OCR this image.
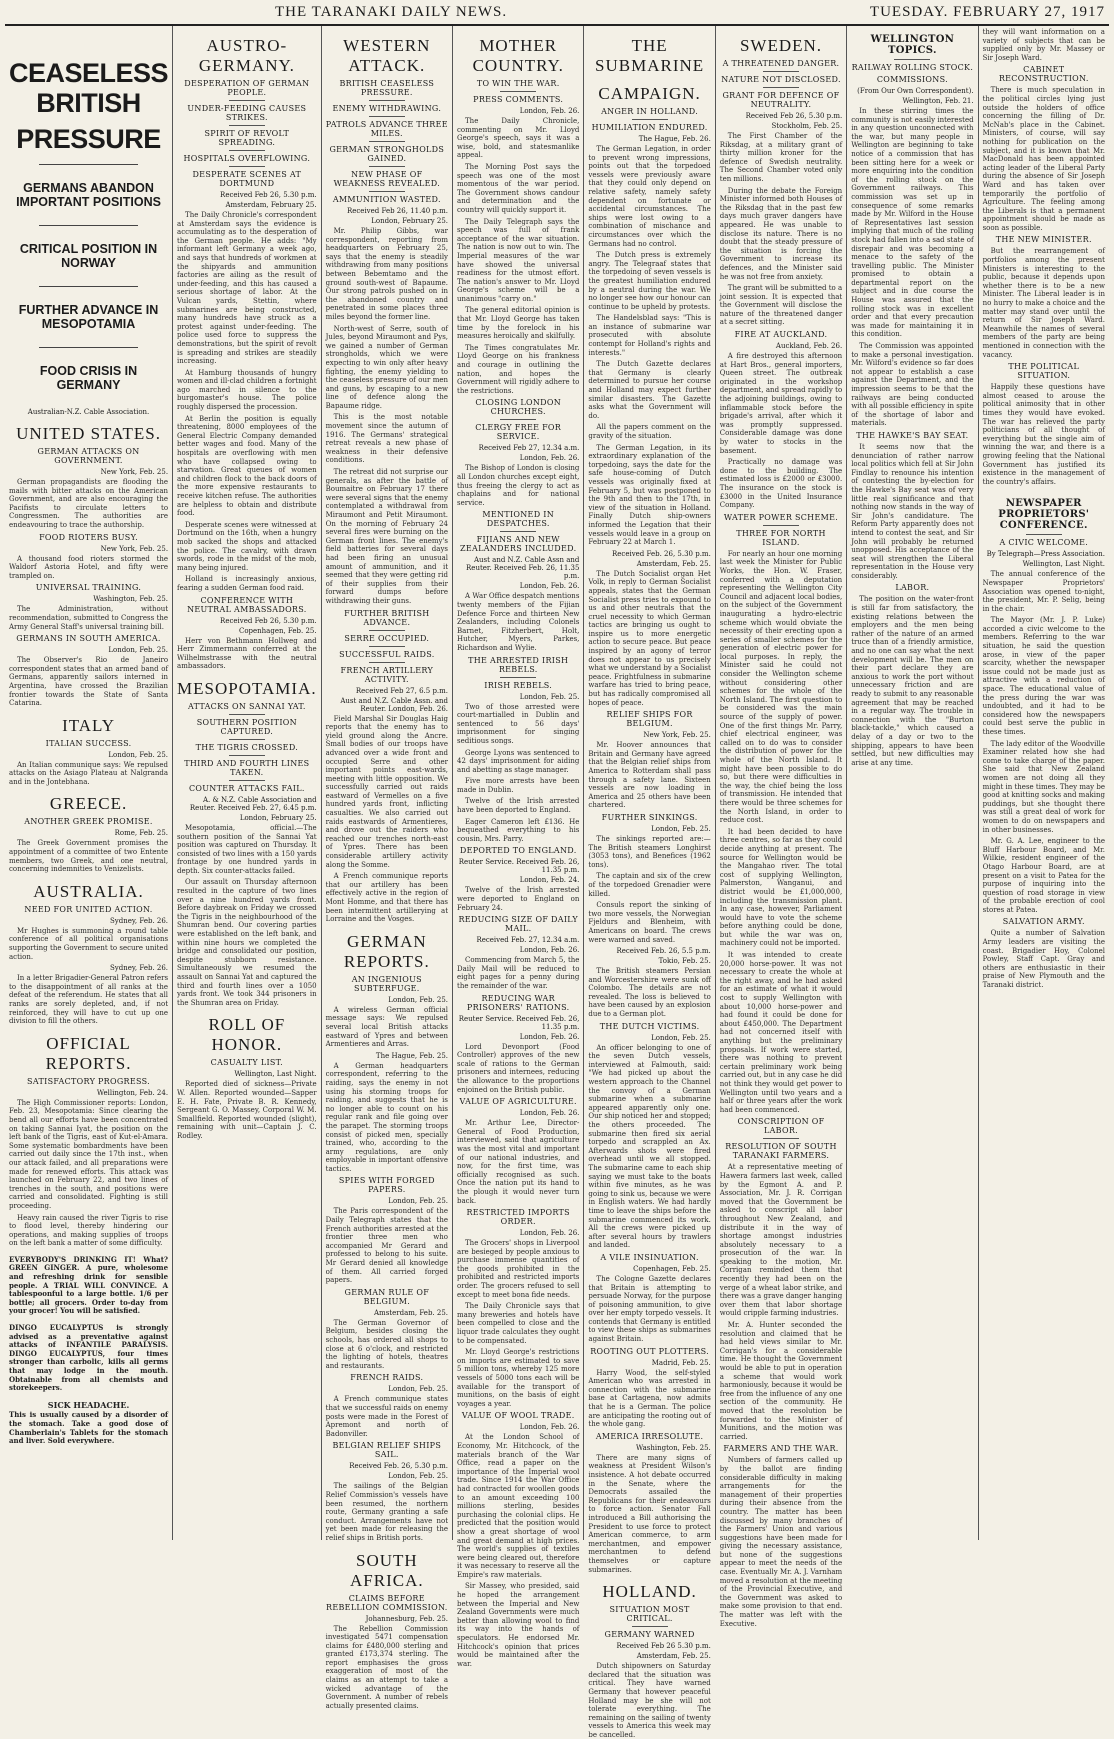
THE TARANAKI DAILY NEWS.	TUESDAY. FEBRUARY 27, 1917
CEASELESS BRITISH
PRESSURE
GERMANS ABANDON IMPORTANT POSITIONS
CRITICAL POSITION IN NORWAY
FURTHER ADVANCE IN MESOPOTAMIA
FOOD CRISIS IN GERMANY
Australian-N.Z. Cable Association.
UNITED STATES.
GERMAN ATTACKS ON GOVERNMENT.
New York, Feb. 25.

German propagandists are flooding the mails with bitter attacks on the American Government, and are also encouraging the Pacifists to circulate letters to Congressmen. The authorities are endeavouring to trace the authorship.

FOOD RIOTERS BUSY.
New York, Feb. 25.

A thousand food rioters stormed the Waldorf Astoria Hotel, and fifty were trampled on.

UNIVERSAL TRAINING.
Washington, Feb. 25.

The Administration, without recommendation, submitted to Congress the Army General Staff's universal training bill.

GERMANS IN SOUTH AMERICA.
London, Feb. 25.

The Observer's Rio de Janeiro correspondent states that an armed band of Germans, apparently sailors interned in Argentina, have crossed the Brazilian frontier towards the State of Santa Catarina.

ITALY
ITALIAN SUCCESS.
London, Feb. 25.

An Italian communique says: We repulsed attacks on the Asiago Plateau at Nalgranda and in the Jontebhana.

GREECE.
ANOTHER GREEK PROMISE.
Rome, Feb. 25.

The Greek Government promises the appointment of a committee of two Entente members, two Greek, and one neutral, concerning indemnities to Venizelists.

AUSTRALIA.
NEED FOR UNITED ACTION.
Sydney, Feb. 26.

Mr Hughes is summoning a round table conference of all political organisations supporting the Government to secure united action.

Sydney, Feb. 26.

In a letter Brigadier-General Patron refers to the disappointment of all ranks at the defeat of the referendum. He states that all ranks are sorely depleted, and, if not reinforced, they will have to cut up one division to fill the others.

OFFICIAL REPORTS.
SATISFACTORY PROGRESS.
Wellington, Feb. 24.

The High Commissioner reports: London, Feb. 23, Mesopotamia: Since clearing the bend all our efforts have been concentrated on taking Sannai Iyat, the position on the left bank of the Tigris, east of Kut-el-Amara. Some systematic bombardments have been carried out daily since the 17th inst., when our attack failed, and all preparations were made for renewed efforts. This attack was launched on February 22, and two lines of trenches in the south, and positions were carried and consolidated. Fighting is still proceeding.

Heavy rain caused the river Tigris to rise to flood level, thereby hindering our operations, and making supplies of troops on the left bank a matter of some difficulty.

EVERYBODY'S DRINKING IT! What? GREEN GINGER. A pure, wholesome and refreshing drink for sensible people. A TRIAL WILL CONVINCE. A tablespoonful to a large bottle. 1/6 per bottle; all grocers. Order to-day from your grocer! You will be satisfied.

DINGO EUCALYPTUS is strongly advised as a preventative against attacks of INFANTILE PARALYSIS. DINGO EUCALYPTUS, four times stronger than carbolic, kills all germs that may lodge in the mouth. Obtainable from all chemists and storekeepers.

SICK HEADACHE.
This is usually caused by a disorder of the stomach. Take a good dose of Chamberlain's Tablets for the stomach and liver. Sold everywhere.

AUSTRO-GERMANY.
DESPERATION OF GERMAN PEOPLE.
UNDER-FEEDING CAUSES STRIKES.
SPIRIT OF REVOLT SPREADING.
HOSPITALS OVERFLOWING.
DESPERATE SCENES AT DORTMUND
Received Feb 26, 5.30 p.m.
Amsterdam, February 25.

The Daily Chronicle's correspondent at Amsterdam says the evidence is accumulating as to the desperation of the German people. He adds: "My informant left Germany a week ago, and says that hundreds of workmen at the shipyards and ammunition factories are ailing as the result of under-feeding, and this has caused a serious shortage of labor. At the Vulcan yards, Stettin, where submarines are being constructed, many hundreds have struck as a protest against under-feeding. The police used force to suppress the demonstrations, but the spirit of revolt is spreading and strikes are steadily increasing.

At Hamburg thousands of hungry women and ill-clad children a fortnight ago marched in silence to the burgomaster's house. The police roughly dispersed the procession.

At Berlin the position is equally threatening, 8000 employees of the General Electric Company demanded better wages and food. Many of the hospitals are overflowing with men who have collapsed owing to starvation. Great queues of women and children flock to the back doors of the more expensive restaurants to receive kitchen refuse. The authorities are helpless to obtain and distribute food.

Desperate scenes were witnessed at Dortmund on the 16th, when a hungry mob sacked the shops and attacked the police. The cavalry, with drawn swords, rode in the midst of the mob, many being injured.

Holland is increasingly anxious, fearing a sudden German food raid.

CONFERENCE WITH NEUTRAL AMBASSADORS.
Received Feb 26, 5.30 p.m.
Copenhagen, Feb. 25.

Herr von Bethmann Hollweg and Herr Zimmermann conferred at the Wilhelmstrasse with the neutral ambassadors.

MESOPOTAMIA.
ATTACKS ON SANNAI YAT.
SOUTHERN POSITION CAPTURED.
THE TIGRIS CROSSED.
THIRD AND FOURTH LINES TAKEN.
COUNTER ATTACKS FAIL.
A. & N.Z. Cable Association and Reuter. Received Feb. 27, 6.45 p.m.
London, February 25.

Mesopotamia, official.—The southern position of the Sannai Yat position was captured on Thursday. It consisted of two lines with a 150 yards frontage by one hundred yards in depth. Six counter-attacks failed.

Our assault on Thursday afternoon resulted in the capture of two lines over a nine hundred yards front. Before daybreak on Friday we crossed the Tigris in the neighbourhood of the Shumran bend. Our covering parties were established on the left bank, and within nine hours we completed the bridge and consolidated our position, despite stubborn resistance. Simultaneously we resumed the assault on Sannai Yat and captured the third and fourth lines over a 1050 yards front. We took 344 prisoners in the Shumran area on Friday.

ROLL OF HONOR.
CASUALTY LIST.
Wellington, Last Night.

Reported died of sickness—Private W. Allen. Reported wounded—Sapper E. H. Fate, Private B. R. Kennedy, Sergeant G. O. Massey, Corporal W. M. Smallfield. Reported wounded (slight), remaining with unit—Captain J. C. Rodley.

WESTERN ATTACK.
BRITISH CEASELESS PRESSURE.
ENEMY WITHDRAWING.
PATROLS ADVANCE THREE MILES.
GERMAN STRONGHOLDS GAINED.
NEW PHASE OF WEAKNESS REVEALED.
AMMUNITION WASTED.
Received Feb 26, 11.40 p.m.
London, February 25.

Mr. Philip Gibbs, war correspondent, reporting from headquarters on February 25, says that the enemy is steadily withdrawing from many positions between Bebemtamo and the ground south-west of Bapaume. Our strong patrols pushed on in the abandoned country and penetrated in some places three miles beyond the former line.

North-west of Serre, south of Jules, beyond Miraumont and Pys, we gained a number of German strongholds, which we were expecting to win only after heavy fighting, the enemy yielding to the ceaseless pressure of our men and guns, by escaping to a new line of defence along the Bapaume ridge.

This is the most notable movement since the autumn of 1916. The Germans' strategical retreat reveals a new phase of weakness in their defensive conditions.

The retreat did not surprise our generals, as after the battle of Boumaitre on February 17 there were several signs that the enemy contemplated a withdrawal from Miraumont and Petit Miraumont. On the morning of February 24 several fires were burning on the German front lines. The enemy's field batteries for several days had been firing an unusual amount of ammunition, and it seemed that they were getting rid of their supplies from their forward dumps before withdrawing their guns.

FURTHER BRITISH ADVANCE.
SERRE OCCUPIED.
SUCCESSFUL RAIDS.
FRENCH ARTILLERY ACTIVITY.
Received Feb 27, 6.5 p.m.
Aust and N.Z. Cable Assn. and Reuter. London, Feb. 26.

Field Marshal Sir Douglas Haig reports that the enemy has to yield ground along the Ancre. Small bodies of our troops have advanced over a wide front and occupied Serre and other important points east-wards, meeting with little opposition. We successfully carried out raids eastward of Vermelles on a five hundred yards front, inflicting casualties. We also carried out raids eastwards of Armentieres, and drove out the raiders who reached our trenches north-east of Ypres. There has been considerable artillery activity along the Somme.

A French communique reports that our artillery has been effectively active in the region of Mont Homme, and that there has been intermittent artillerying at Lorraine and the Vosges.

GERMAN REPORTS.
AN INGENIOUS SUBTERFUGE.
London, Feb. 25.

A wireless German official message says: We repulsed several local British attacks eastward of Ypres and between Armentieres and Arras.

The Hague, Feb. 25.

A German headquarters correspondent, referring to the raiding, says the enemy in not using his storming troops for raiding, and suggests that he is no longer able to count on his regular rank and file going over the parapet. The storming troops consist of picked men, specially trained, who, according to the army regulations, are only employable in important offensive tactics.

SPIES WITH FORGED PAPERS.
London, Feb. 25.

The Paris correspondent of the Daily Telegraph states that the French authorities arrested at the frontier three men who accompanied Mr Gerard and professed to belong to his suite. Mr Gerard denied all knowledge of them. All carried forged papers.

GERMAN RULE OF BELGIUM.
Amsterdam, Feb. 25.

The German Governor of Belgium, besides closing the schools, has ordered all shops to close at 6 o'clock, and restricted the lighting of hotels, theatres and restaurants.

FRENCH RAIDS.
London, Feb. 25.

A French communique states that we successful raids on enemy posts were made in the Forest of Apremont and north of Badonviller.

BELGIAN RELIEF SHIPS SAIL.
Received Feb. 26, 5.30 p.m.
London, Feb. 25.

The sailings of the Belgian Relief Commission's vessels have been resumed, the northern route, Germany granting a safe conduct. Arrangements have not yet been made for releasing the relief ships in British ports.

SOUTH AFRICA.
CLAIMS BEFORE REBELLION COMMISSION.
Johannesburg, Feb. 25.

The Rebellion Commission investigated 5471 compensation claims for £480,000 sterling and granted £173,374 sterling. The report emphasises the gross exaggeration of most of the claims as an attempt to take a wicked advantage of the Government. A number of rebels actually presented claims.

MOTHER COUNTRY.
TO WIN THE WAR.
PRESS COMMENTS.
London, Feb. 26.

The Daily Chronicle, commenting on Mr. Lloyd George's speech, says it was a wise, bold, and statesmanlike appeal.

The Morning Post says the speech was one of the most momentous of the war period. The Government shows candour and determination and the country will quickly support it.

The Daily Telegraph says the speech was full of frank acceptance of the war situation. The nation is now out to win. The Imperial measures of the war have showed the universal readiness for the utmost effort. The nation's answer to Mr. Lloyd George's scheme will be a unanimous "carry on."

The general editorial opinion is that Mr. Lloyd George has taken time by the forelock in his measures heroically and skilfully.

The Times congratulates Mr. Lloyd George on his frankness and courage in outlining the nation, and hopes the Government will rigidly adhere to the restrictions.

CLOSING LONDON CHURCHES.
CLERGY FREE FOR SERVICE.
Received Feb 27, 12.34 a.m.
London, Feb. 26.

The Bishop of London is closing all London churches except eight, thus freeing the clergy to act as chaplains and for national service.

MENTIONED IN DESPATCHES.
FIJIANS AND NEW ZEALANDERS INCLUDED.
Aust and N.Z. Cable Assn and Reuter. Received Feb. 26, 11.35 p.m.
London, Feb. 26.

A War Office despatch mentions twenty members of the Fijian Defence Force and thirteen New Zealanders, including Colonels Barnet, Fitzherbert, Holt, Hutcher, Myers, Parkes, Richardson and Wylie.

THE ARRESTED IRISH REBELS.
IRISH REBELS.
London, Feb. 25.

Two of those arrested were court-martialled in Dublin and sentenced to 56 days' imprisonment for singing seditious songs.

George Lyons was sentenced to 42 days' imprisonment for aiding and abetting as stage manager.

Five more arrests have been made in Dublin.

Twelve of the Irish arrested have been deported to England.

Eager Cameron left £136. He bequeathed everything to his cousin, Mrs. Parry.

DEPORTED TO ENGLAND.
Reuter Service. Received Feb. 26, 11.35 p.m.
London, Feb. 24.

Twelve of the Irish arrested were deported to England on February 24.

REDUCING SIZE OF DAILY MAIL.
Received Feb. 27, 12.34 a.m.
London, Feb. 26.

Commencing from March 5, the Daily Mail will be reduced to eight pages for a penny during the remainder of the war.

REDUCING WAR PRISONERS' RATIONS.
Reuter Service. Received Feb. 26, 11.35 p.m.
London, Feb. 26.

Lord Devonport (Food Controller) approves of the new scale of rations to the German prisoners and internees, reducing the allowance to the proportions enjoined on the British public.

VALUE OF AGRICULTURE.
London, Feb. 26.

Mr. Arthur Lee, Director-General of Food Production, interviewed, said that agriculture was the most vital and important of our national industries, and now, for the first time, was officially recognised as such. Once the nation put its hand to the plough it would never turn back.

RESTRICTED IMPORTS ORDER.
London, Feb. 26.

The Grocers' shops in Liverpool are besieged by people anxious to purchase immense quantities of the goods prohibited in the prohibited and restricted imports order. The grocers refused to sell except to meet bona fide needs.

The Daily Chronicle says that many breweries and hotels have been compelled to close and the liquor trade calculates they ought to be compensated.

Mr. Lloyd George's restrictions on imports are estimated to save 5 million tons, whereby 125 more vessels of 5000 tons each will be available for the transport of munitions, on the basis of eight voyages a year.

VALUE OF WOOL TRADE.
London, Feb. 26.

At the London School of Economy, Mr. Hitchcock, of the materials branch of the War Office, read a paper on the importance of the Imperial wool trade. Since 1914 the War Office had contracted for woollen goods to an amount exceeding 100 millions sterling, besides purchasing the colonial clips. He predicted that the position would show a great shortage of wool and great demand at high prices. The world's supplies of textiles were being cleared out, therefore it was necessary to reserve all the Empire's raw materials.

Sir Massey, who presided, said he hoped the arrangement between the Imperial and New Zealand Governments were much better than allowing wool to find its way into the hands of speculators. He endorsed Mr. Hitchcock's opinion that prices would be maintained after the war.

THE SUBMARINE
CAMPAIGN.
ANGER IN HOLLAND.
HUMILIATION ENDURED.
The Hague, Feb. 26.

The German Legation, in order to prevent wrong impressions, points out that the torpedoed vessels were previously aware that they could only depend on relative safety, namely safety dependent on fortunate or accidental circumstances. The ships were lost owing to a combination of mischance and circumstances over which the Germans had no control.

The Dutch press is extremely angry. The Telegraaf states that the torpedoing of seven vessels is the greatest humiliation endured by a neutral during the war. We no longer see how our honour can continue to be upheld by protests.

The Handelsblad says: "This is an instance of submarine war prosecuted with absolute contempt for Holland's rights and interests."

The Dutch Gazette declares that Germany is clearly determined to pursue her course and Holland may expect further similar disasters. The Gazette asks what the Government will do.

All the papers comment on the gravity of the situation.

The German Legation, in its extraordinary explanation of the torpedoing, says the date for the safe house-coming of Dutch vessels was originally fixed at February 5, but was postponed to the 9th and then to the 17th, in view of the situation in Holland. Finally Dutch ship-owners informed the Legation that their vessels would leave in a group on February 22 at March 1.

Received Feb. 26, 5.30 p.m.
Amsterdam, Feb. 25.

The Dutch Socialist organ Het Volk, in reply to German Socialist appeals, states that the German Socialist press tries to expound to us and other neutrals that the cruel necessity to which German tactics are bringing us ought to inspire us to more energetic action to secure peace. But peace inspired by an agony of terror does not appear to us precisely what we understand by a Socialist peace. Frightfulness in submarine warfare has tried to bring peace, but has radically compromised all hopes of peace.

RELIEF SHIPS FOR BELGIUM.
New York, Feb. 25.

Mr. Hoover announces that Britain and Germany have agreed that the Belgian relief ships from America to Rotterdam shall pass through a safety lane. Sixteen vessels are now loading in America and 25 others have been chartered.

FURTHER SINKINGS.
London, Feb. 25.

The sinkings reported are:—The British steamers Longhirst (3053 tons), and Benefices (1962 tons).

The captain and six of the crew of the torpedoed Grenadier were killed.

Consuls report the sinking of two more vessels, the Norwegian Fjeldurs and Blenheim, with Americans on board. The crews were warned and saved.

Received Feb. 26, 5.5 p.m.
Tokio, Feb. 25.

The British steamers Persian and Worcestershire were sunk off Colombo. The details are not revealed. The loss is believed to have been caused by an explosion due to a German plot.

THE DUTCH VICTIMS.
London, Feb. 25.

An officer belonging to one of the seven Dutch vessels, interviewed at Falmouth, said: "We had picked up about the western approach to the Channel the convoy of a German submarine when a submarine appeared apparently only one. Our ship noticed her and stopped; the others proceeded. The submarine then fired six aerial torpedo and scrappled an Ax. Afterwards shots were fired overhead until we all stopped. The submarine came to each ship saying we must take to the boats within five minutes, as he was going to sink us, because we were in English waters. We had hardly time to leave the ships before the submarine commenced its work. All the crews were picked up after several hours by trawlers and landed.

A VILE INSINUATION.
Copenhagen, Feb. 25.

The Cologne Gazette declares that Britain is attempting to persuade Norway, for the purpose of poisoning ammunition, to give over her empty torpedo vessels. It contends that Germany is entitled to view these ships as submarines against Britain.

ROOTING OUT PLOTTERS.
Madrid, Feb. 25.

Harry Wood, the self-styled American who was arrested in connection with the submarine base at Cartagena, now admits that he is a German. The police are anticipating the rooting out of the whole gang.

AMERICA IRRESOLUTE.
Washington, Feb. 25.

There are many signs of weakness at President Wilson's insistence. A hot debate occurred in the Senate, where the Democrats assailed the Republicans for their endeavours to force action. Senator Fall introduced a Bill authorising the President to use force to protect American commerce, to arm merchantmen, and empower merchantmen to defend themselves or capture submarines.

HOLLAND.
SITUATION MOST CRITICAL.
GERMANY WARNED
Received Feb 26 5.30 p.m.
Amsterdam, Feb. 25.

Dutch shipowners on Saturday declared that the situation was critical. They have warned Germany that however peaceful Holland may be she will not tolerate everything. The remaining on the sailing of twenty vessels to America this week may be cancelled.

SWEDEN.
A THREATENED DANGER.
NATURE NOT DISCLOSED.
GRANT FOR DEFENCE OF NEUTRALITY.
Received Feb 26, 5.30 p.m.
Stockholm, Feb. 25.

The First Chamber of the Riksdag, at a military grant of thirty million kroner for the defence of Swedish neutrality. The Second Chamber voted only ten millions.

During the debate the Foreign Minister informed both Houses of the Riksdag that in the past few days much graver dangers have appeared. He was unable to disclose its nature. There is no doubt that the steady pressure of the situation is forcing the Government to increase its defences, and the Minister said he was not free from anxiety.

The grant will be submitted to a joint session. It is expected that the Government will disclose the nature of the threatened danger at a secret sitting.

FIRE AT AUCKLAND.
Auckland, Feb. 26.

A fire destroyed this afternoon at Hart Bros., general importers, Queen street. The outbreak originated in the workshop department, and spread rapidly to the adjoining buildings, owing to inflammable stock before the brigade's arrival, after which it was promptly suppressed. Considerable damage was done by water to stocks in the basement.

Practically no damage was done to the building. The estimated loss is £2000 or £3000. The insurance on the stock is £3000 in the United Insurance Company.

WATER POWER SCHEME.
THREE FOR NORTH ISLAND.

For nearly an hour one morning last week the Minister for Public Works, the Hon. W. Fraser, conferred with a deputation representing the Wellington City Council and adjacent local bodies, on the subject of the Government inaugurating a hydro-electric scheme which would obviate the necessity of their erecting upon a series of smaller schemes for the generation of electric power for local purposes. In reply, the Minister said he could not consider the Wellington scheme without considering other schemes for the whole of the North Island. The first question to be considered was the main source of the supply of power. One of the first things Mr. Parry, chief electrical engineer, was called on to do was to consider the distribution of power for the whole of the North Island. It might have been possible to do so, but there were difficulties in the way, the chief being the loss of transmission. He intended that there would be three schemes for the North Island, in order to reduce cost.

It had been decided to have three centres, so far as they could decide anything at present. The source for Wellington would be the Mangahao river. The total cost of supplying Wellington, Palmerston, Wanganui, and district would be £1,000,000, including the transmission plant. In any case, however, Parliament would have to vote the scheme before anything could be done, but while the war was on, machinery could not be imported.

It was intended to create 20,000 horse-power. It was not necessary to create the whole at the right away, and he had asked for an estimate of what it would cost to supply Wellington with about 10,000 horse-power and had found it could be done for about £450,000. The Department had not concerned itself with anything but the preliminary proposals. If work were started, there was nothing to prevent certain preliminary work being carried out, but in any case he did not think they would get power to Wellington until two years and a half or three years after the work had been commenced.

CONSCRIPTION OF LABOR.
RESOLUTION OF SOUTH TARANAKI FARMERS.

At a representative meeting of Hawera farmers last week, called by the Egmont A. and P. Association, Mr. J. R. Corrigan moved that the Government be asked to conscript all labor throughout New Zealand, and distribute it in the way of shortage amongst industries absolutely necessary to a prosecution of the war. In speaking to the motion, Mr. Corrigan reminded them that recently they had been on the verge of a wheat labor strike, and there was a grave danger hanging over them that labor shortage would cripple farming industries.

Mr. A. Hunter seconded the resolution and claimed that he had held views similar to Mr. Corrigan's for a considerable time. He thought the Government would be able to put in operation a scheme that would work harmoniously, because it would be free from the influence of any one section of the community. He moved that the resolution be forwarded to the Minister of Munitions, and the motion was carried.

FARMERS AND THE WAR.

Numbers of farmers called up by the ballot are finding considerable difficulty in making arrangements for the management of their properties during their absence from the country. The matter has been discussed by many branches of the Farmers' Union and various suggestions have been made for giving the necessary assistance, but none of the suggestions appear to meet the needs of the case. Eventually Mr. A. J. Varnham moved a resolution at the meeting of the Provincial Executive, and the Government was asked to make some provision to that end. The matter was left with the Executive.

WELLINGTON TOPICS.
RAILWAY ROLLING STOCK.
COMMISSIONS.
(From Our Own Correspondent).
Wellington, Feb. 21.

In these stirring times the community is not easily interested in any question unconnected with the war, but many people in Wellington are beginning to take notice of a commission that has been sitting here for a week or more enquiring into the condition of the rolling stock on the Government railways. This commission was set up in consequence of some remarks made by Mr. Wilford in the House of Representatives last session implying that much of the rolling stock had fallen into a sad state of disrepair and was becoming a menace to the safety of the travelling public. The Minister promised to obtain a departmental report on the subject and in due course the House was assured that the rolling stock was in excellent order and that every precaution was made for maintaining it in this condition.

The Commission was appointed to make a personal investigation. Mr. Wilford's evidence so far does not appear to establish a case against the Department, and the impression seems to be that the railways are being conducted with all possible efficiency in spite of the shortage of labor and materials.

THE HAWKE'S BAY SEAT.

It seems now that the denunciation of rather narrow local politics which fell at Sir John Findlay to renounce his intention of contesting the by-election for the Hawke's Bay seat was of very little real significance and that nothing now stands in the way of Sir John's candidature. The Reform Party apparently does not intend to contest the seat, and Sir John will probably be returned unopposed. His acceptance of the seat will strengthen the Liberal representation in the House very considerably.

LABOR.

The position on the water-front is still far from satisfactory, the existing relations between the employers and the men being rather of the nature of an armed truce than of a friendly armistice, and no one can say what the next development will be. The men on their part declare they are anxious to work the port without unnecessary friction and are ready to submit to any reasonable agreement that may be reached in a regular way. The trouble in connection with the "Burton black-tackle," which caused a delay of a day or two to the shipping, appears to have been settled, but new difficulties may arise at any time.

they will want information on a variety of subjects that can be supplied only by Mr. Massey or Sir Joseph Ward.

CABINET RECONSTRUCTION.

There is much speculation in the political circles lying just outside the holders of office concerning the filling of Dr. McNab's place in the Cabinet. Ministers, of course, will say nothing for publication on the subject, and it is known that Mr. MacDonald has been appointed acting leader of the Liberal Party during the absence of Sir Joseph Ward and has taken over temporarily the portfolio of Agriculture. The feeling among the Liberals is that a permanent appointment should be made as soon as possible.

THE NEW MINISTER.

But the rearrangement of portfolios among the present Ministers is interesting to the public, because it depends upon whether there is to be a new Minister. The Liberal leader is in no hurry to make a choice and the matter may stand over until the return of Sir Joseph Ward. Meanwhile the names of several members of the party are being mentioned in connection with the vacancy.

THE POLITICAL SITUATION.

Happily these questions have almost ceased to arouse the political animosity that in other times they would have evoked. The war has relieved the party politicians of all thought of everything but the single aim of winning the war, and there is a growing feeling that the National Government has justified its existence in the management of the country's affairs.

NEWSPAPER PROPRIETORS' CONFERENCE.
A CIVIC WELCOME.
By Telegraph—Press Association.
Wellington, Last Night.

The annual conference of the Newspaper Proprietors' Association was opened to-night, the president, Mr. P. Selig, being in the chair.

The Mayor (Mr. J. P. Luke) accorded a civic welcome to the members. Referring to the war situation, he said the question arose, in view of the paper scarcity, whether the newspaper issue could not be made just as attractive with a reduction of space. The educational value of the press during the war was undoubted, and it had to be considered how the newspapers could best serve the public in these times.

The lady editor of the Woodville Examiner related how she had come to take charge of the paper. She said that New Zealand women are not doing all they might in these times. They may be good at knitting socks and making puddings, but she thought there was still a great deal of work for women to do on newspapers and in other businesses.

Mr. G. A. Lee, engineer to the Bluff Harbour Board, and Mr. Wilkie, resident engineer of the Otago Harbour Board, are at present on a visit to Patea for the purpose of inquiring into the question of road storage in view of the probable erection of cool stores at Patea.

SALVATION ARMY.

Quite a number of Salvation Army leaders are visiting the coast. Brigadier Hoy, Colonel Powley, Staff Capt. Gray and others are enthusiastic in their praise of New Plymouth and the Taranaki district.
